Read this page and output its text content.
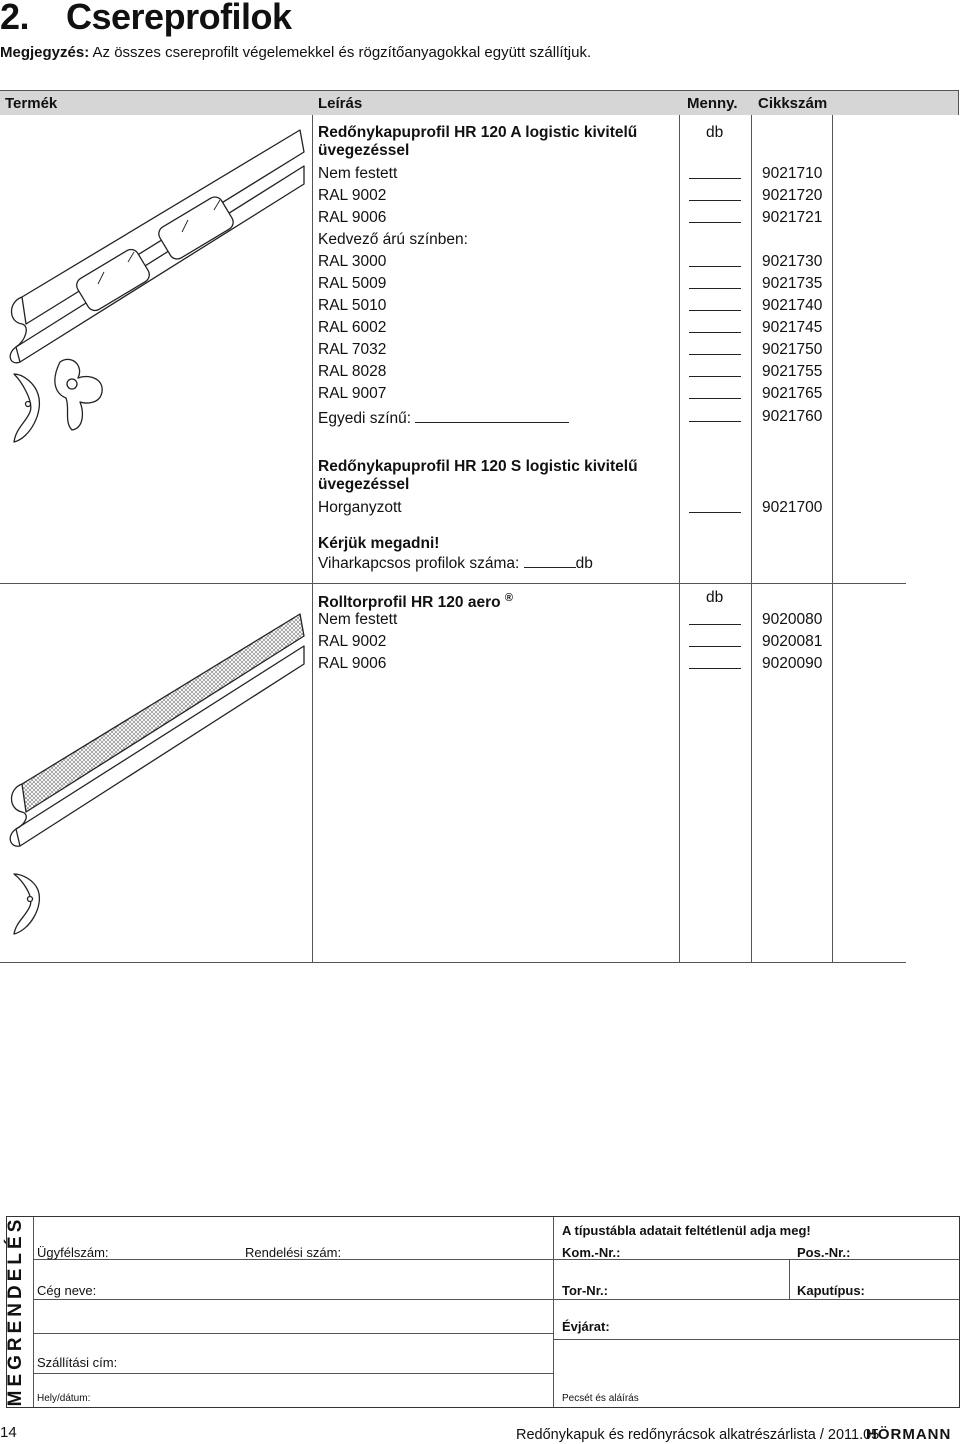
2. Csereprofilok
Megjegyzés: Az összes csereprofilt végelemekkel és rögzítőanyagokkal együtt szállítjuk.
Termék	Leírás	Menny. Cikkszám
Redőnykapuprofil HR 120 A logistic kivitelű
üvegezéssel
db
Nem festett	9021710
RAL 9002	9021720
RAL 9006	9021721
Kedvező árú színben:
RAL 3000	9021730
RAL 5009	9021735
RAL 5010	9021740
RAL 6002	9021745
RAL 7032	9021750
RAL 8028	9021755
RAL 9007	9021765
Egyedi színű:	9021760
Redőnykapuprofil HR 120 S logistic kivitelű
üvegezéssel
Horganyzott	9021700
Kérjük megadni!
Viharkapcsos profilok száma:	db
Rolltorprofil HR 120 aero ®	db
Nem festett	9020080
RAL 9002	9020081
RAL 9006	9020090
MEGRENDELÉS Ügyfélszám:	Rendelési szám:
Cég neve:
Szállítási cím:
Hely/dátum:
A típustábla adatait feltétlenül adja meg!
Kom.-Nr.:	Pos.-Nr.:
Tor-Nr.:	Kaputípus:
Évjárat:
Pecsét és aláírás
14	Redőnykapuk és redőnyrácsok alkatrészárlista / 2011.05
HÖRMANN
